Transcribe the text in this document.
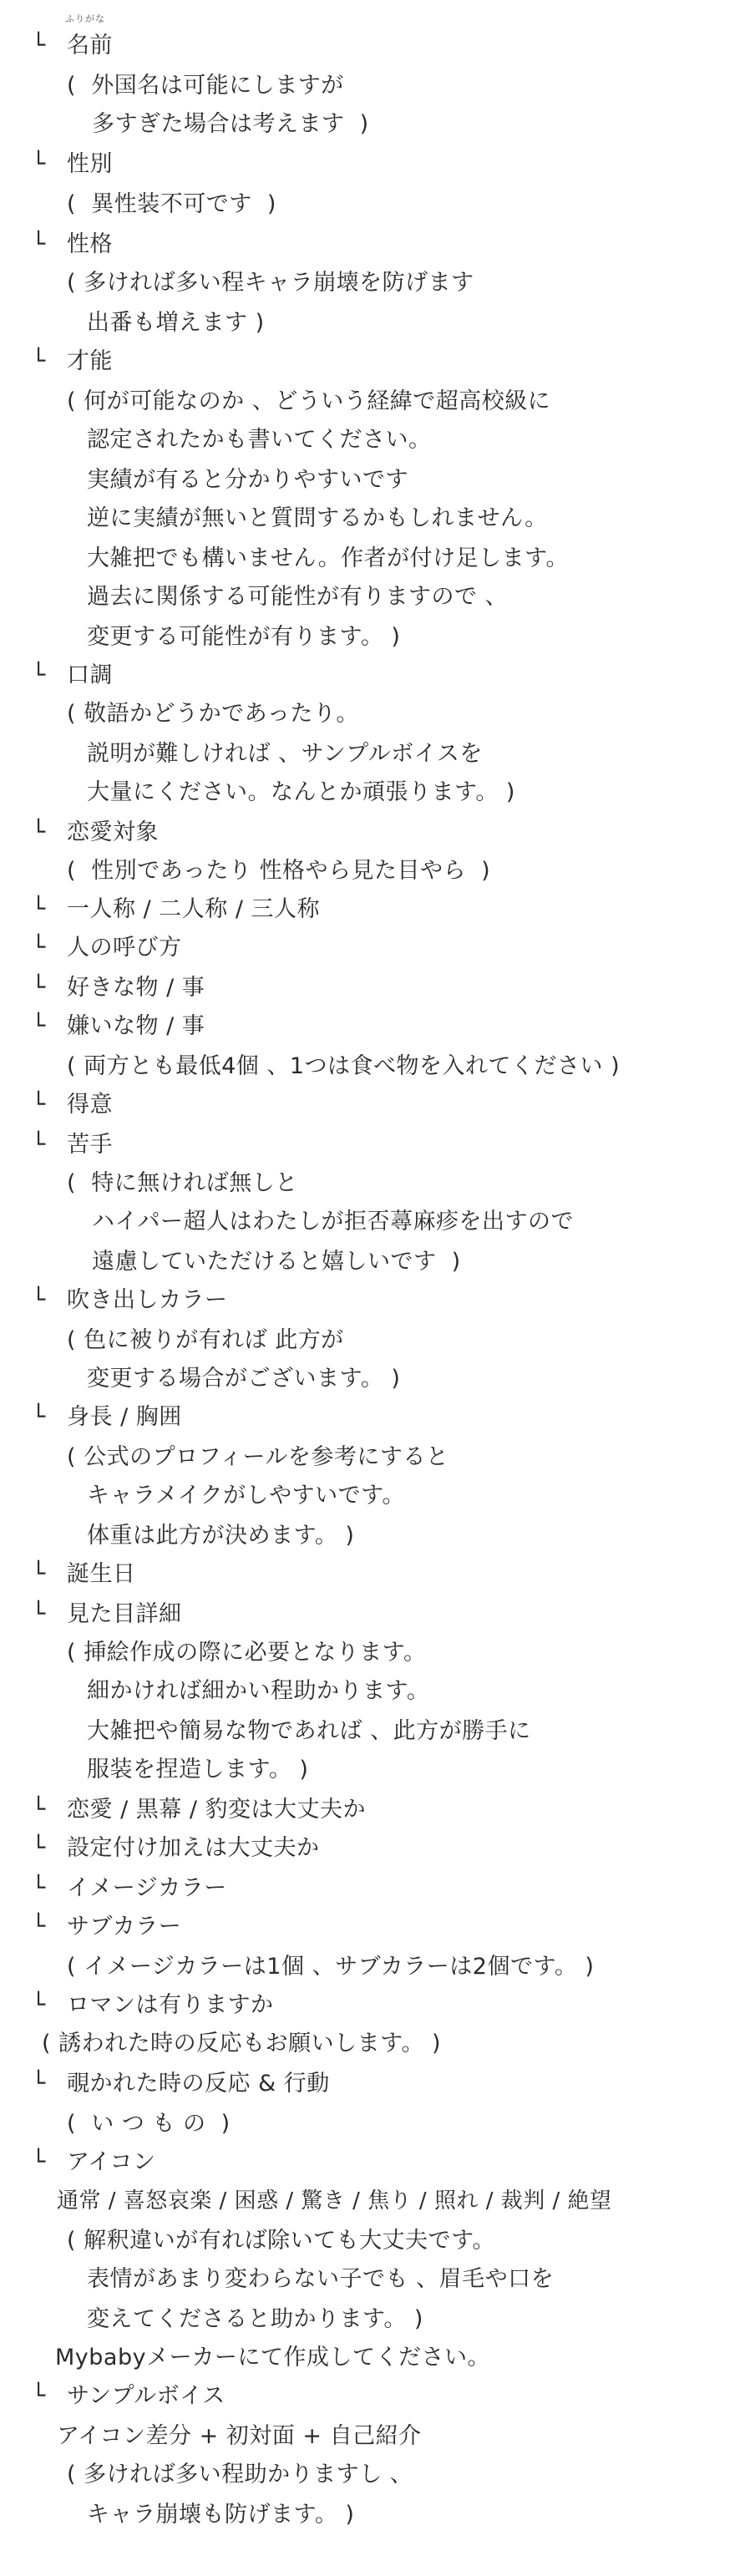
ふりがな
└ 名前
(  外国名は可能にしますが
多すぎた場合は考えます  )
└ 性別
(  異性装不可です  )
└ 性格
( 多ければ多い程キャラ崩壊を防げます
出番も増えます )
└ 才能
( 何が可能なのか 、どういう経緯で超高校級に
認定されたかも書いてください。
実績が有ると分かりやすいです
逆に実績が無いと質問するかもしれません。
大雑把でも構いません。作者が付け足します。
過去に関係する可能性が有りますので 、
変更する可能性が有ります。 )
└ 口調
( 敬語かどうかであったり。
説明が難しければ 、サンプルボイスを
大量にください。なんとか頑張ります。 )
└ 恋愛対象
(  性別であったり 性格やら見た目やら  )
└ 一人称 / 二人称 / 三人称
└ 人の呼び方
└ 好きな物 / 事
└ 嫌いな物 / 事
( 両方とも最低4個 、1つは食べ物を入れてください )
└ 得意
└ 苦手
(  特に無ければ無しと
ハイパー超人はわたしが拒否蕁麻疹を出すので
遠慮していただけると嬉しいです  )
└ 吹き出しカラー
( 色に被りが有れば 此方が
変更する場合がございます。 )
└ 身長 / 胸囲
( 公式のプロフィールを参考にすると
キャラメイクがしやすいです。
体重は此方が決めます。 )
└ 誕生日
└ 見た目詳細
( 挿絵作成の際に必要となります。
細かければ細かい程助かります。
大雑把や簡易な物であれば 、此方が勝手に
服装を捏造します。 )
└ 恋愛 / 黒幕 / 豹変は大丈夫か
└ 設定付け加えは大丈夫か
└ イメージカラー
└ サブカラー
( イメージカラーは1個 、サブカラーは2個です。 )
└ ロマンは有りますか
( 誘われた時の反応もお願いします。 )
└ 覗かれた時の反応 & 行動
(  い つ も の  )
└ アイコン
通常 / 喜怒哀楽 / 困惑 / 驚き / 焦り / 照れ / 裁判 / 絶望
( 解釈違いが有れば除いても大丈夫です。
表情があまり変わらない子でも 、眉毛や口を
変えてくださると助かります。 )
Mybabyメーカーにて作成してください。
└ サンプルボイス
アイコン差分 + 初対面 + 自己紹介
( 多ければ多い程助かりますし 、
キャラ崩壊も防げます。 )
